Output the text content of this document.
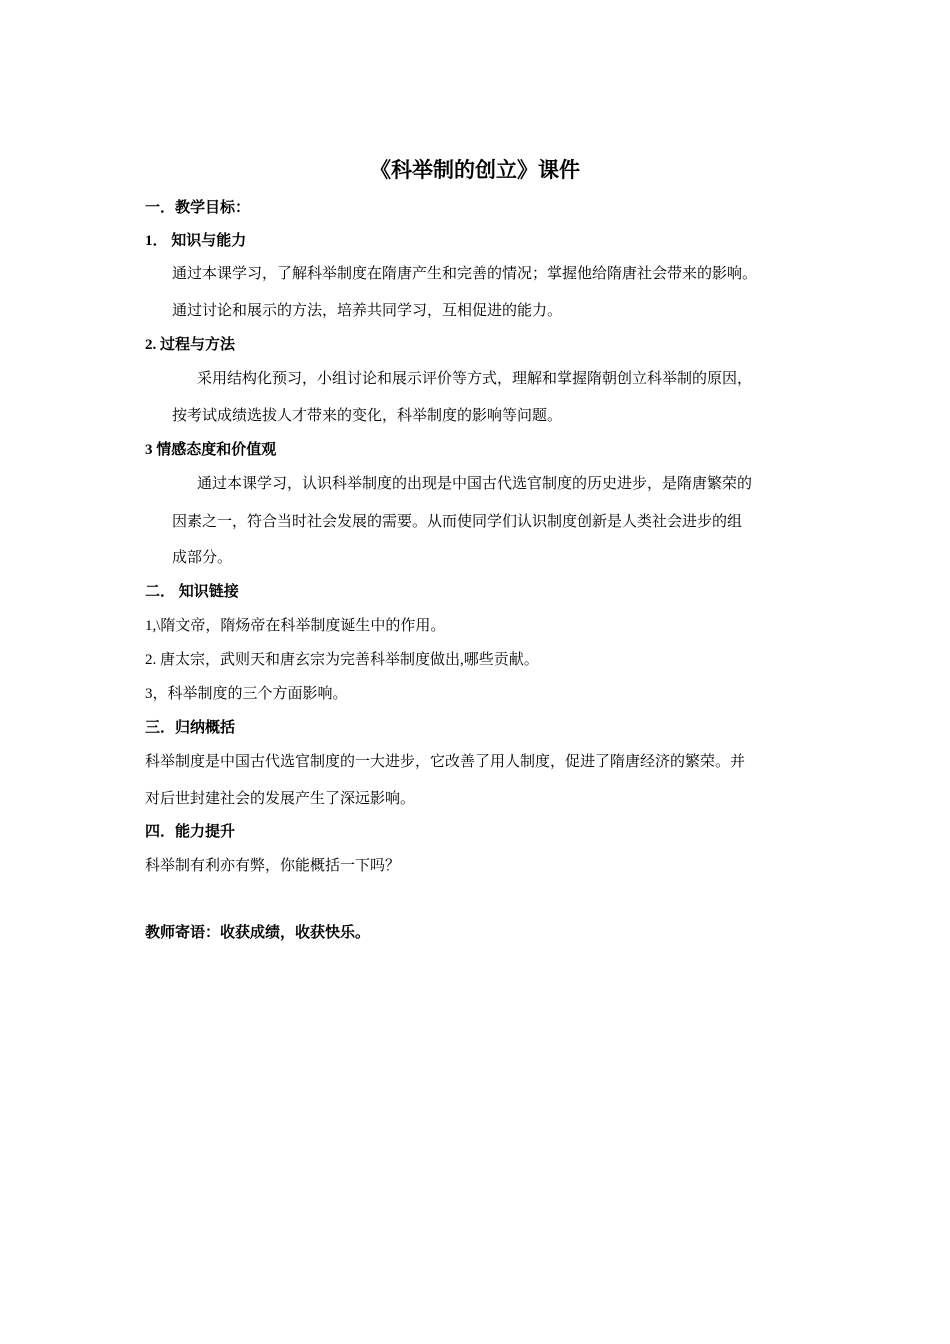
《科举制的创立》课件
一．教学目标：
1． 知识与能力
通过本课学习，了解科举制度在隋唐产生和完善的情况；掌握他给隋唐社会带来的影响。
通过讨论和展示的方法，培养共同学习，互相促进的能力。
2. 过程与方法
采用结构化预习，小组讨论和展示评价等方式，理解和掌握隋朝创立科举制的原因，
按考试成绩选拔人才带来的变化，科举制度的影响等问题。
3 情感态度和价值观
通过本课学习，认识科举制度的出现是中国古代选官制度的历史进步，是隋唐繁荣的
因素之一，符合当时社会发展的需要。从而使同学们认识制度创新是人类社会进步的组
成部分。
二． 知识链接
1,\隋文帝，隋炀帝在科举制度诞生中的作用。
2. 唐太宗，武则天和唐玄宗为完善科举制度做出,哪些贡献。
3，科举制度的三个方面影响。
三．归纳概括
科举制度是中国古代选官制度的一大进步，它改善了用人制度，促进了隋唐经济的繁荣。并
对后世封建社会的发展产生了深远影响。
四．能力提升
科举制有利亦有弊，你能概括一下吗？
教师寄语：收获成绩，收获快乐。
